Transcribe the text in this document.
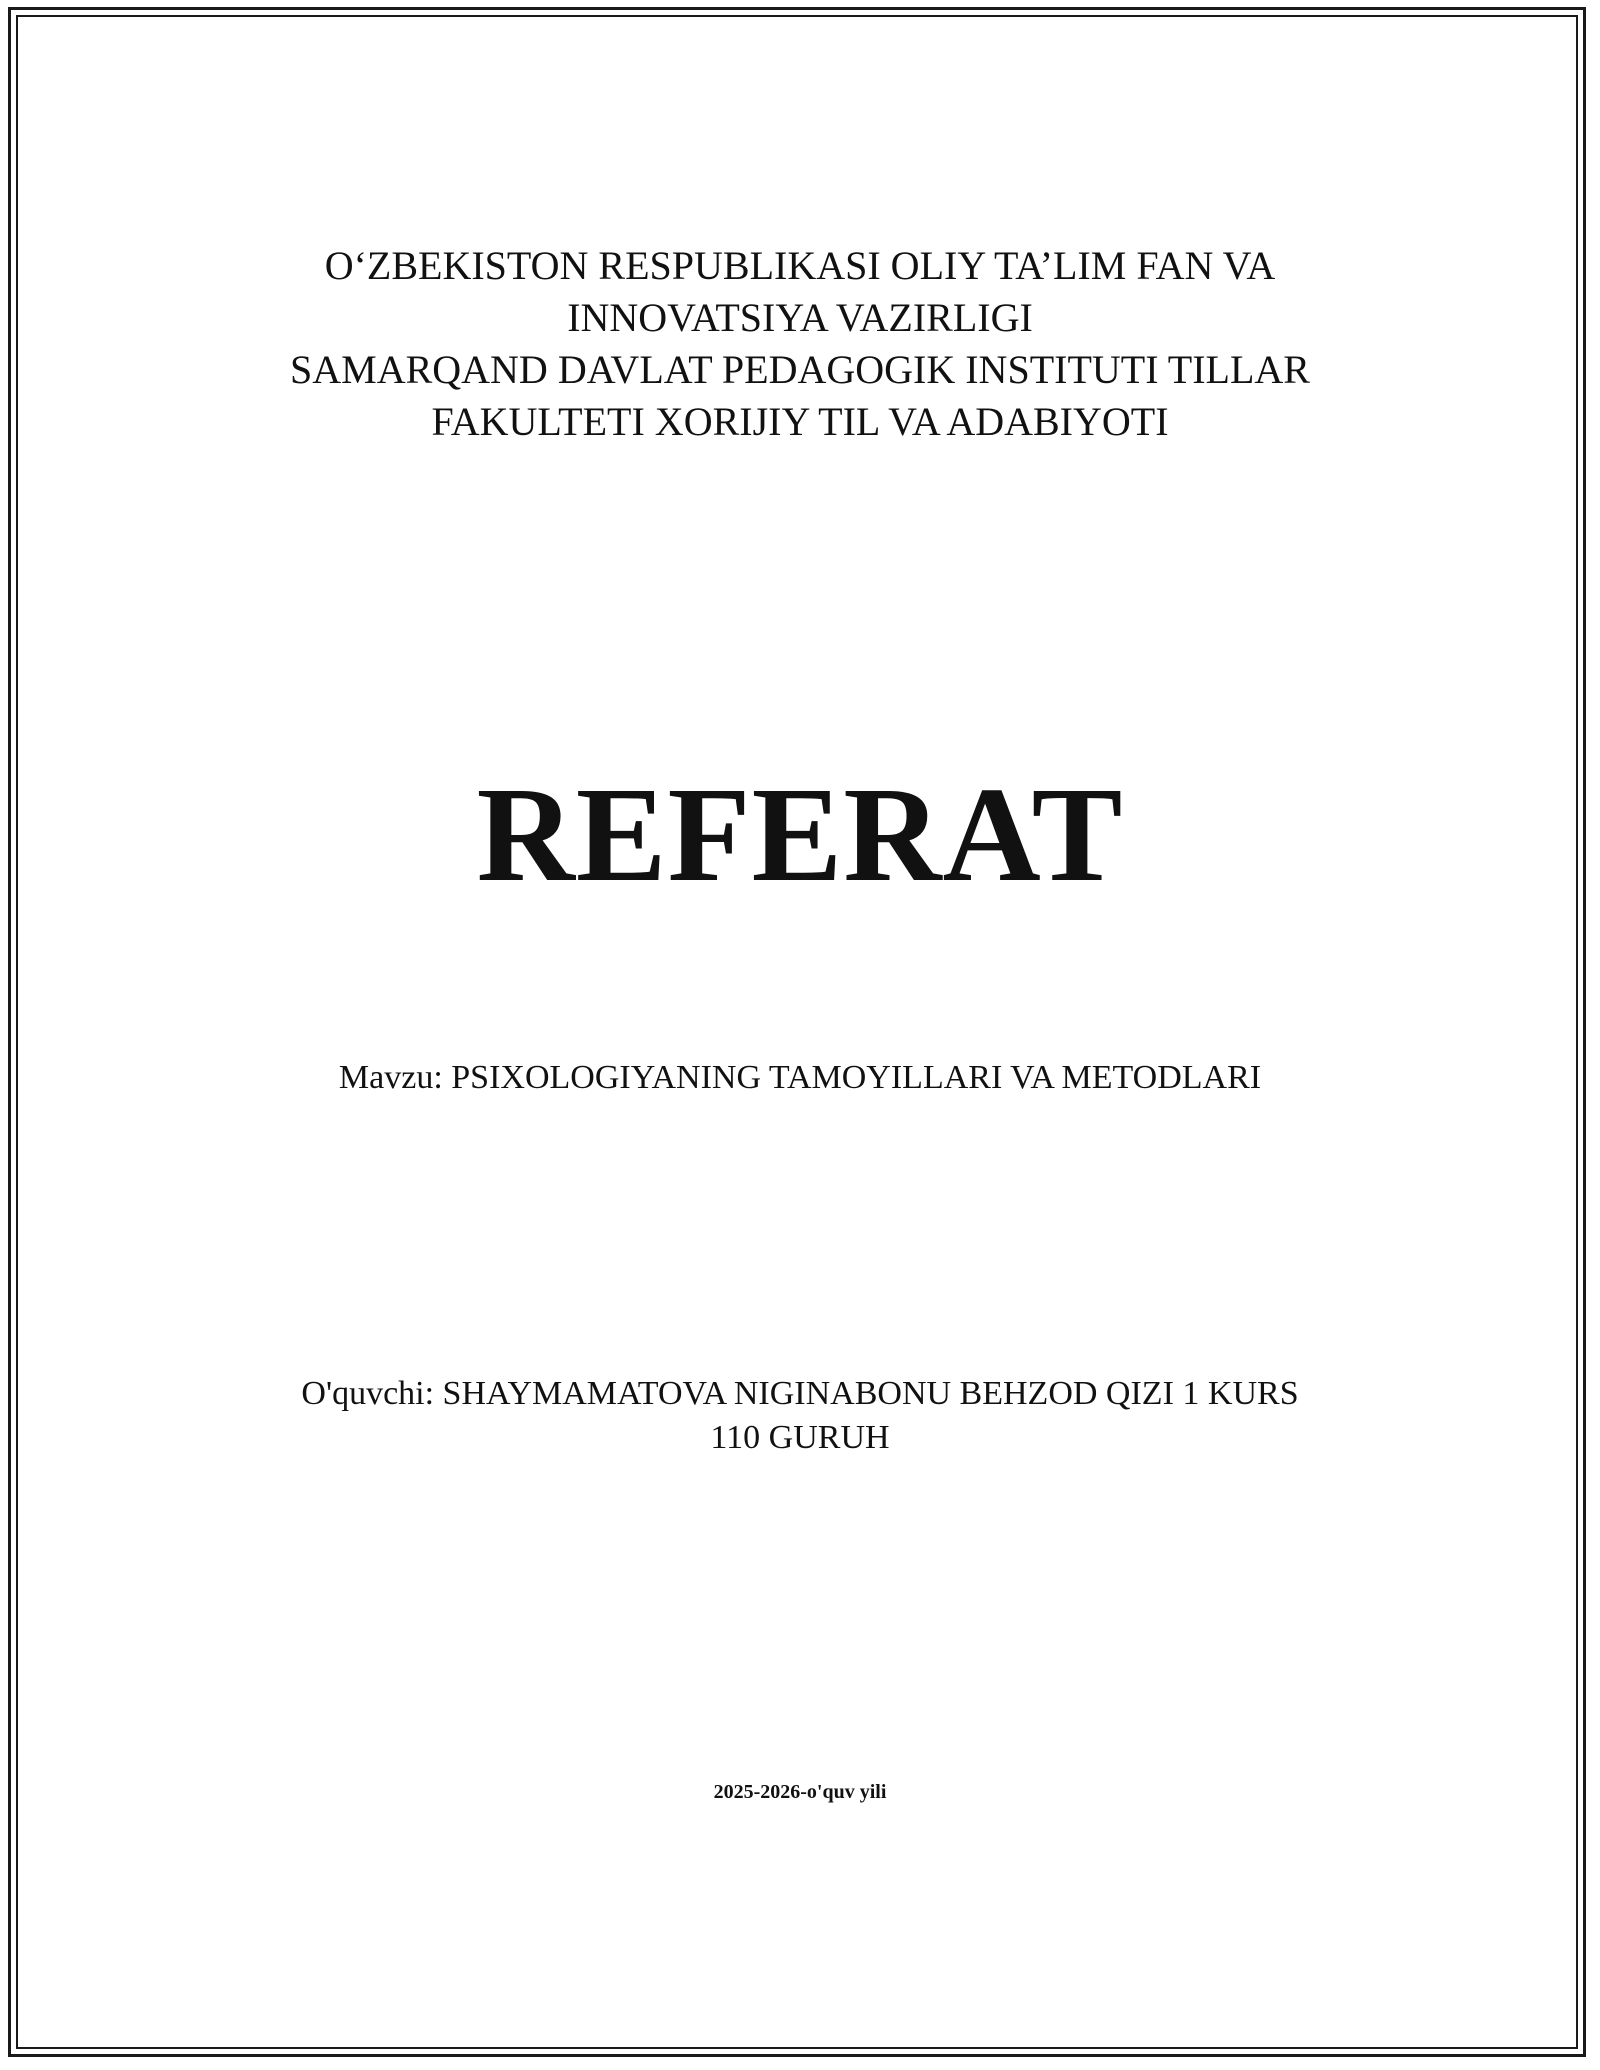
O‘ZBEKISTON RESPUBLIKASI OLIY TA’LIM FAN VA
INNOVATSIYA VAZIRLIGI
SAMARQAND DAVLAT PEDAGOGIK INSTITUTI TILLAR
FAKULTETI XORIJIY TIL VA ADABIYOTI
REFERAT
Mavzu: PSIXOLOGIYANING TAMOYILLARI VA METODLARI
O'quvchi: SHAYMAMATOVA NIGINABONU BEHZOD QIZI 1 KURS
110 GURUH
2025-2026-o'quv yili
